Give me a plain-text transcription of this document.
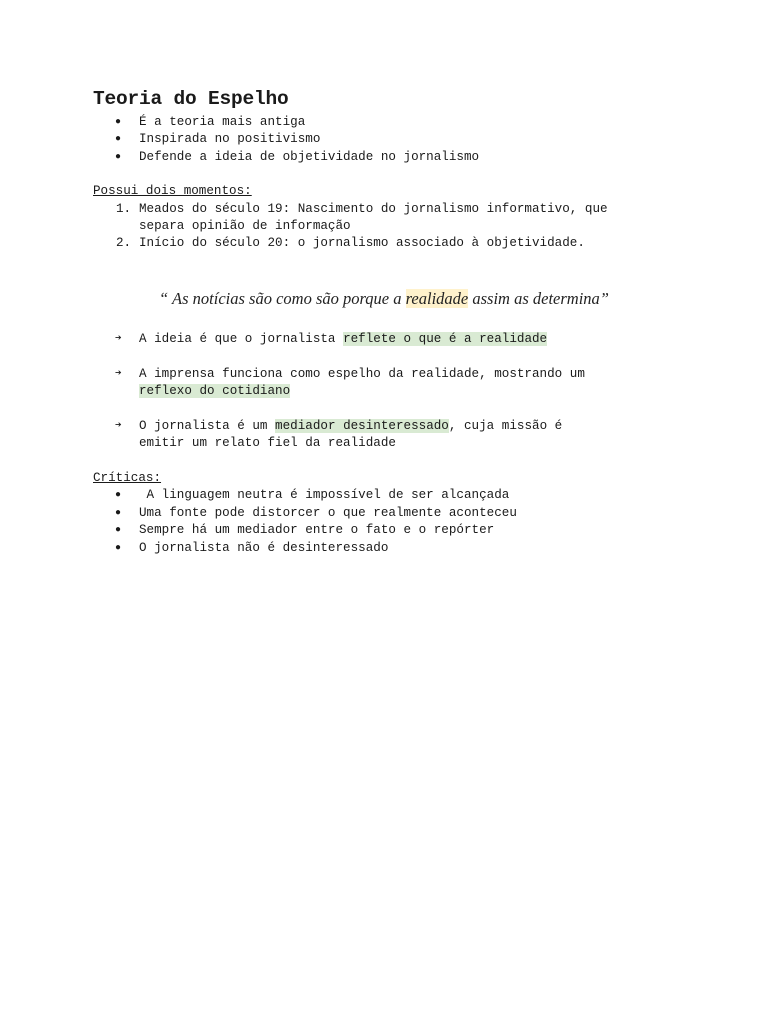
Teoria do Espelho
● É a teoria mais antiga
● Inspirada no positivismo
● Defende a ideia de objetividade no jornalismo
Possui dois momentos:
1. Meados do século 19: Nascimento do jornalismo informativo, que
separa opinião de informação
2. Início do século 20: o jornalismo associado à objetividade.
“ As notícias são como são porque a realidade assim as determina”
➔ A ideia é que o jornalista reflete o que é a realidade
➔ A imprensa funciona como espelho da realidade, mostrando um
reflexo do cotidiano
➔ O jornalista é um mediador desinteressado, cuja missão é
emitir um relato fiel da realidade
Críticas:
● A linguagem neutra é impossível de ser alcançada
● Uma fonte pode distorcer o que realmente aconteceu
● Sempre há um mediador entre o fato e o repórter
● O jornalista não é desinteressado
